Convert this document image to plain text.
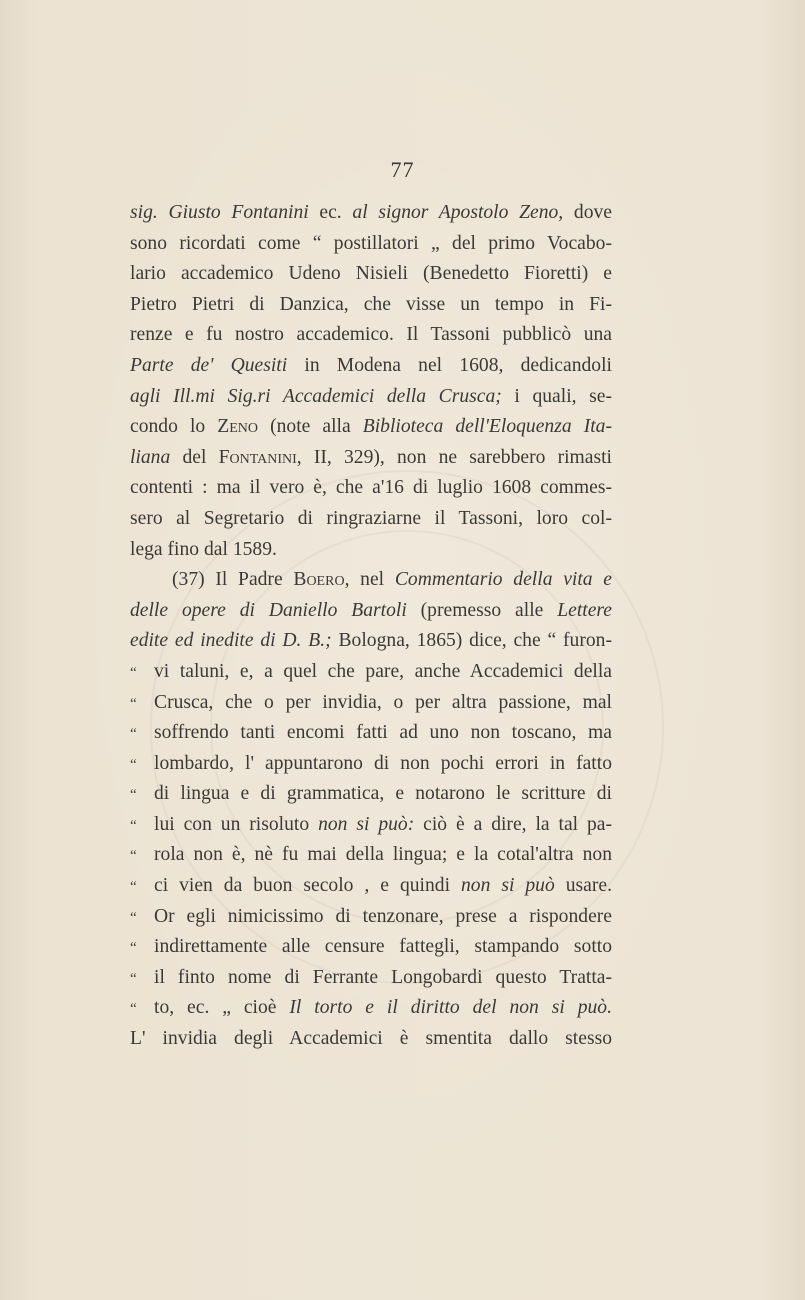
77
sig. Giusto Fontanini ec. al signor Apostolo Zeno, dove
sono ricordati come “ postillatori „ del primo Vocabo-
lario accademico Udeno Nisieli (Benedetto Fioretti) e
Pietro Pietri di Danzica, che visse un tempo in Fi-
renze e fu nostro accademico. Il Tassoni pubblicò una
Parte de' Quesiti in Modena nel 1608, dedicandoli
agli Ill.mi Sig.ri Accademici della Crusca; i quali, se-
condo lo Zeno (note alla Biblioteca dell'Eloquenza Ita-
liana del Fontanini, II, 329), non ne sarebbero rimasti
contenti : ma il vero è, che a'16 di luglio 1608 commes-
sero al Segretario di ringraziarne il Tassoni, loro col-
lega fino dal 1589.
(37) Il Padre Boero, nel Commentario della vita e
delle opere di Daniello Bartoli (premesso alle Lettere
edite ed inedite di D. B.; Bologna, 1865) dice, che “ furon-
“ vi taluni, e, a quel che pare, anche Accademici della
“ Crusca, che o per invidia, o per altra passione, mal
“ soffrendo tanti encomi fatti ad uno non toscano, ma
“ lombardo, l' appuntarono di non pochi errori in fatto
“ di lingua e di grammatica, e notarono le scritture di
“ lui con un risoluto non si può: ciò è a dire, la tal pa-
“ rola non è, nè fu mai della lingua; e la cotal'altra non
“ ci vien da buon secolo , e quindi non si può usare.
“ Or egli nimicissimo di tenzonare, prese a rispondere
“ indirettamente alle censure fattegli, stampando sotto
“ il finto nome di Ferrante Longobardi questo Tratta-
“ to, ec. „ cioè Il torto e il diritto del non si può.
L' invidia degli Accademici è smentita dallo stesso
